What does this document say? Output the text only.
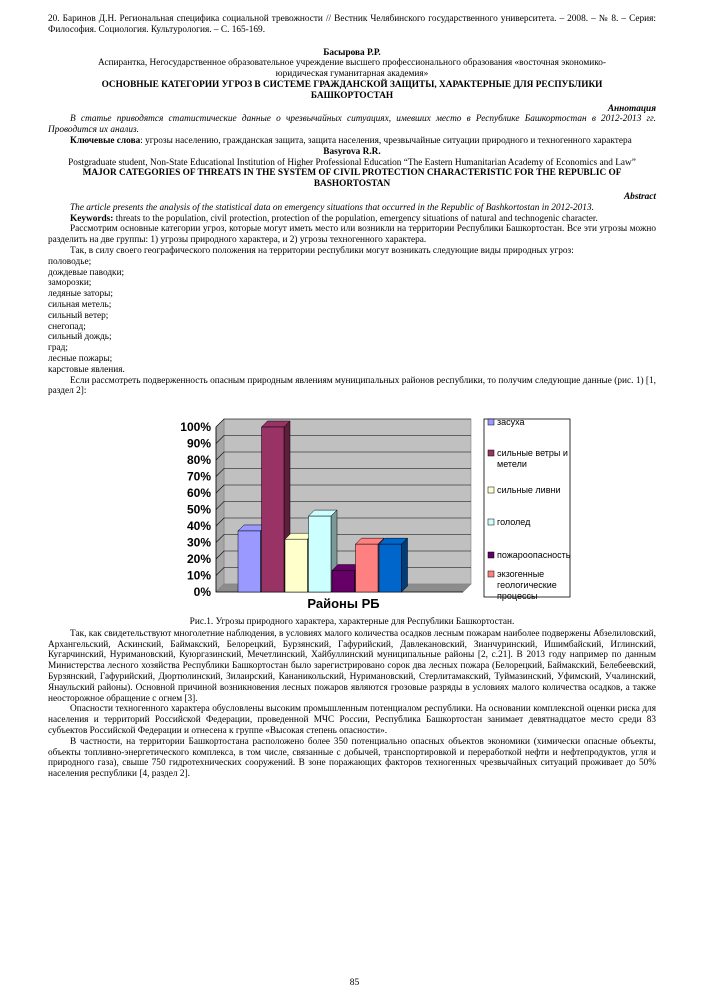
20. Баринов Д.Н. Региональная специфика социальной тревожности // Вестник Челябинского государственного университета. – 2008. – № 8. – Серия: Философия. Социология. Культурология. – С. 165-169.

Басырова Р.Р.

Аспирантка, Негосударственное образовательное учреждение высшего профессионального образования «восточная экономико-юридическая гуманитарная академия»

ОСНОВНЫЕ КАТЕГОРИИ УГРОЗ В СИСТЕМЕ ГРАЖДАНСКОЙ ЗАЩИТЫ, ХАРАКТЕРНЫЕ ДЛЯ РЕСПУБЛИКИ БАШКОРТОСТАН

Аннотация

В статье приводятся статистические данные о чрезвычайных ситуациях, имевших место в Республике Башкортостан в 2012-2013 гг. Проводится их анализ.

Ключевые слова: угрозы населению, гражданская защита, защита населения, чрезвычайные ситуации природного и техногенного характера

Basyrova R.R.

Postgraduate student, Non-State Educational Institution of Higher Professional Education “The Eastern Humanitarian Academy of Economics and Law”

MAJOR CATEGORIES OF THREATS IN THE SYSTEM OF CIVIL PROTECTION CHARACTERISTIC FOR THE REPUBLIC OF BASHORTOSTAN

Abstract

The article presents the analysis of the statistical data on emergency situations that occurred in the Republic of Bashkortostan in 2012-2013.

Keywords: threats to the population, civil protection, protection of the population, emergency situations of natural and technogenic character.

Рассмотрим основные категории угроз, которые могут иметь место или возникли на территории Республики Башкортостан. Все эти угрозы можно разделить на две группы: 1) угрозы природного характера, и 2) угрозы техногенного характера.

Так, в силу своего географического положения на территории республики могут возникать следующие виды природных угроз:

половодье;

дождевые паводки;

заморозки;

ледяные заторы;

сильная метель;

сильный ветер;

снегопад;

сильный дождь;

град;

лесные пожары;

карстовые явления.

Если рассмотреть подверженность опасным природным явлениям муниципальных районов республики, то получим следующие данные (рис. 1) [1, раздел 2]:

0%
10%
20%
30%
40%
50%
60%
70%
80%
90%
100%
Районы РБ
засуха
сильные ветры и
метели
сильные ливни
гололед
пожароопасность
экзогенные
геологические
процессы

Рис.1. Угрозы природного характера, характерные для Республики Башкортостан.

Так, как свидетельствуют многолетние наблюдения, в условиях малого количества осадков лесным пожарам наиболее подвержены Абзелиловский, Архангельский, Аскинский, Баймакский, Белорецкий, Бурзянский, Гафурийский, Давлекановский, Зианчуринский, Ишимбайский, Иглинский, Кугарчинский, Нуримановский, Куюргазинский, Мечетлинский, Хайбуллинский муниципальные районы [2, с.21]. В 2013 году например по данным Министерства лесного хозяйства Республики Башкортостан было зарегистрировано сорок два лесных пожара (Белорецкий, Баймакский, Белебеевский, Бурзянский, Гафурийский, Дюртюлинский, Зилаирский, Кананикольский, Нуримановский, Стерлитамакский, Туймазинский, Уфимский, Учалинский, Янаульский районы). Основной причиной возникновения лесных пожаров являются грозовые разряды в условиях малого количества осадков, а также неосторожное обращение с огнем [3].

Опасности техногенного характера обусловлены высоким промышленным потенциалом республики. На основании комплексной оценки риска для населения и территорий Российской Федерации, проведенной МЧС России, Республика Башкортостан занимает девятнадцатое место среди 83 субъектов Российской Федерации и отнесена к группе «Высокая степень опасности».

В частности, на территории Башкортостана расположено более 350 потенциально опасных объектов экономики (химически опасные объекты, объекты топливно-энергетического комплекса, в том числе, связанные с добычей, транспортировкой и переработкой нефти и нефтепродуктов, угля и природного газа), свыше 750 гидротехнических сооружений. В зоне поражающих факторов техногенных чрезвычайных ситуаций проживает до 50% населения республики [4, раздел 2].

85
